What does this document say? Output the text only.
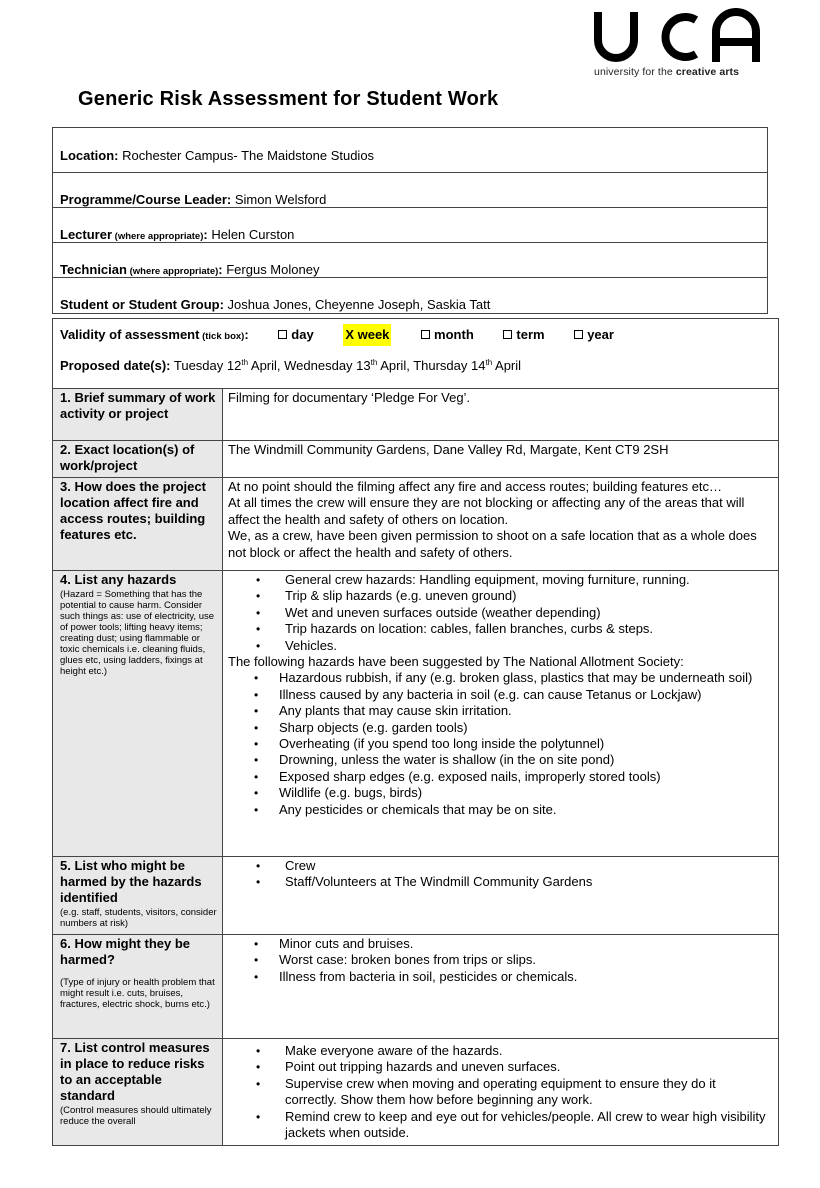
university for the creative arts
Generic Risk Assessment for Student Work
Location: Rochester Campus- The Maidstone Studios
Programme/Course Leader: Simon Welsford
Lecturer (where appropriate): Helen Curston
Technician (where appropriate): Fergus Moloney
Student or Student Group: Joshua Jones, Cheyenne Joseph, Saskia Tatt
Validity of assessment (tick box):	day X week	month	term	year
Proposed date(s): Tuesday 12th April, Wednesday 13th April, Thursday 14th April
1. Brief summary of work activity or project
Filming for documentary ‘Pledge For Veg’.
2. Exact location(s) of work/project
The Windmill Community Gardens, Dane Valley Rd, Margate, Kent CT9 2SH
3. How does the project location affect fire and access routes; building features etc.

At no point should the filming affect any fire and access routes; building features etc…

At all times the crew will ensure they are not blocking or affecting any of the areas that will affect the health and safety of others on location.

We, as a crew, have been given permission to shoot on a safe location that as a whole does not block or affect the health and safety of others.

4. List any hazards
(Hazard = Something that has the potential to cause harm. Consider such things as: use of electricity, use of power tools; lifting heavy items; creating dust; using flammable or toxic chemicals i.e. cleaning fluids, glues etc, using ladders, fixings at height etc.)
• General crew hazards: Handling equipment, moving furniture, running.
• Trip & slip hazards (e.g. uneven ground)
• Wet and uneven surfaces outside (weather depending)
• Trip hazards on location: cables, fallen branches, curbs & steps.
• Vehicles.

The following hazards have been suggested by The National Allotment Society:

• Hazardous rubbish, if any (e.g. broken glass, plastics that may be underneath soil)
• Illness caused by any bacteria in soil (e.g. can cause Tetanus or Lockjaw)
• Any plants that may cause skin irritation.
• Sharp objects (e.g. garden tools)
• Overheating (if you spend too long inside the polytunnel)
• Drowning, unless the water is shallow (in the on site pond)
• Exposed sharp edges (e.g. exposed nails, improperly stored tools)
• Wildlife (e.g. bugs, birds)
• Any pesticides or chemicals that may be on site.
5. List who might be harmed by the hazards identified
(e.g. staff, students, visitors, consider numbers at risk)
• Crew
• Staff/Volunteers at The Windmill Community Gardens
6. How might they be harmed?
(Type of injury or health problem that might result i.e. cuts, bruises, fractures, electric shock, burns etc.)
• Minor cuts and bruises.
• Worst case: broken bones from trips or slips.
• Illness from bacteria in soil, pesticides or chemicals.
7. List control measures in place to reduce risks to an acceptable standard
(Control measures should ultimately reduce the overall
• Make everyone aware of the hazards.
• Point out tripping hazards and uneven surfaces.
• Supervise crew when moving and operating equipment to ensure they do it correctly. Show them how before beginning any work.
• Remind crew to keep and eye out for vehicles/people. All crew to wear high visibility jackets when outside.
